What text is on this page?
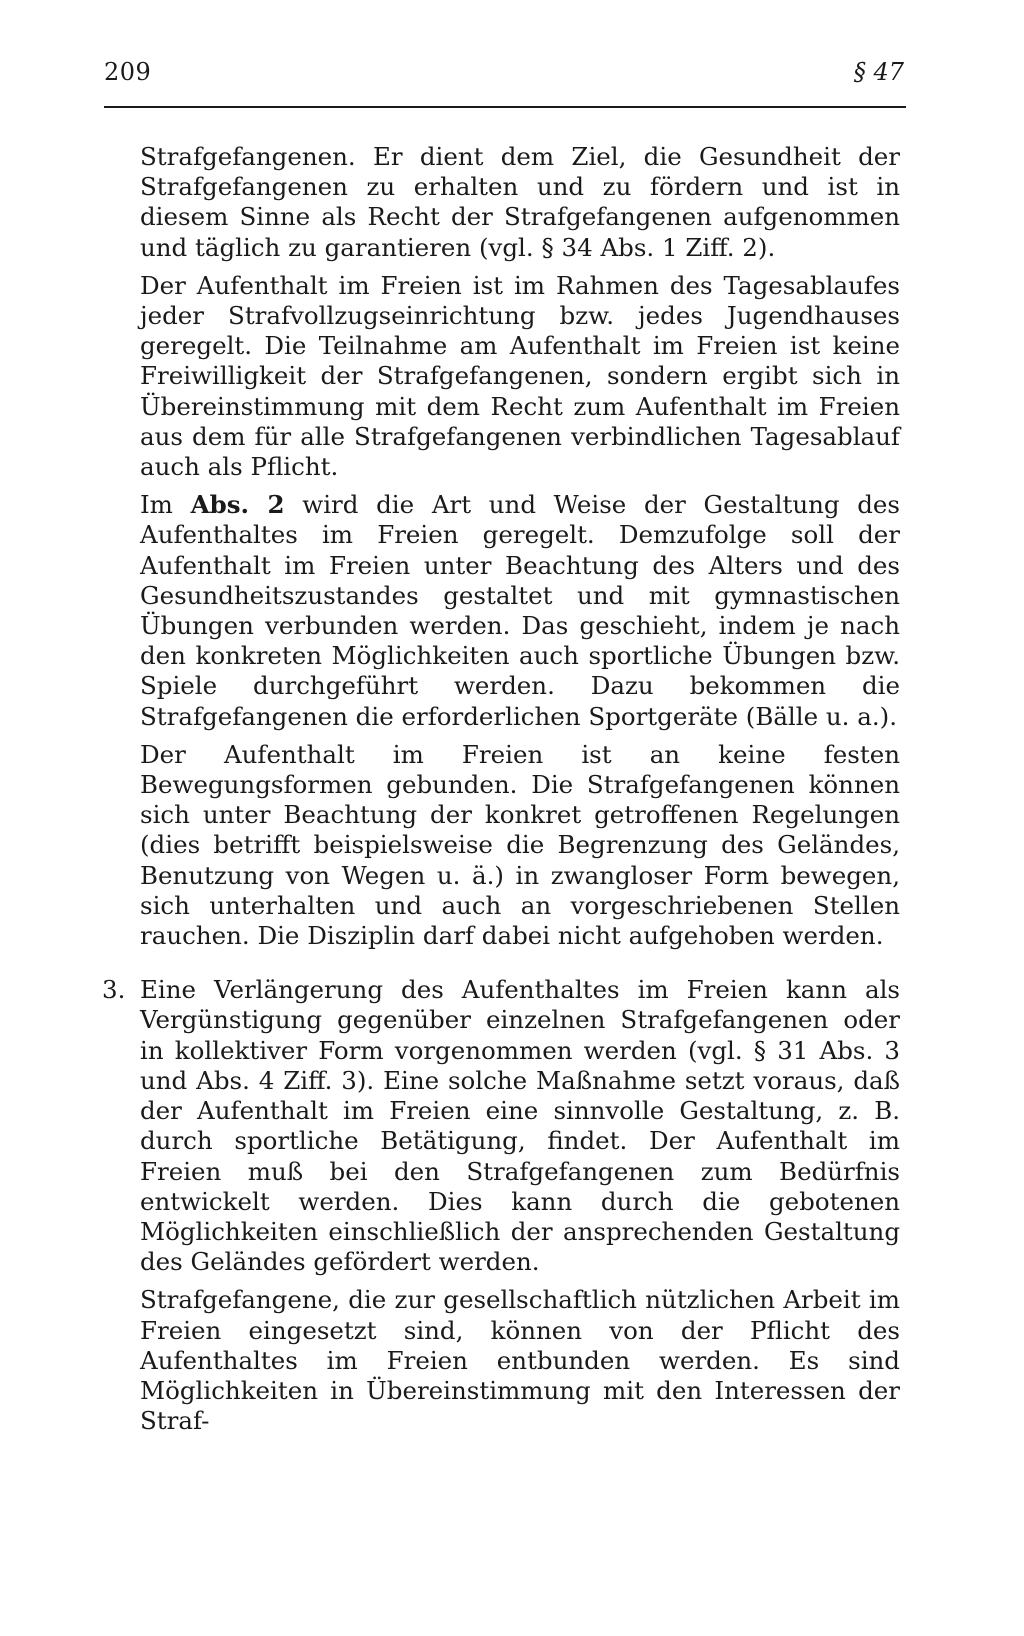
209	§ 47

Strafgefangenen. Er dient dem Ziel, die Gesundheit der Strafgefangenen zu erhalten und zu fördern und ist in diesem Sinne als Recht der Strafgefangenen aufgenommen und täglich zu garantieren (vgl. § 34 Abs. 1 Ziff. 2).

Der Aufenthalt im Freien ist im Rahmen des Tagesablaufes jeder Strafvollzugseinrichtung bzw. jedes Jugendhauses geregelt. Die Teilnahme am Aufenthalt im Freien ist keine Freiwilligkeit der Strafgefangenen, sondern ergibt sich in Übereinstimmung mit dem Recht zum Aufenthalt im Freien aus dem für alle Strafgefangenen verbindlichen Tagesablauf auch als Pflicht.

Im Abs. 2 wird die Art und Weise der Gestaltung des Aufenthaltes im Freien geregelt. Demzufolge soll der Aufenthalt im Freien unter Beachtung des Alters und des Gesundheitszustandes gestaltet und mit gymnastischen Übungen verbunden werden. Das geschieht, indem je nach den konkreten Möglichkeiten auch sportliche Übungen bzw. Spiele durchgeführt werden. Dazu bekommen die Strafgefangenen die erforderlichen Sportgeräte (Bälle u. a.).

Der Aufenthalt im Freien ist an keine festen Bewegungsformen gebunden. Die Strafgefangenen können sich unter Beachtung der konkret getroffenen Regelungen (dies betrifft beispielsweise die Begrenzung des Geländes, Benutzung von Wegen u. ä.) in zwangloser Form bewegen, sich unterhalten und auch an vorgeschriebenen Stellen rauchen. Die Disziplin darf dabei nicht aufgehoben werden.

3. Eine Verlängerung des Aufenthaltes im Freien kann als Vergünstigung gegenüber einzelnen Strafgefangenen oder in kollektiver Form vorgenommen werden (vgl. § 31 Abs. 3 und Abs. 4 Ziff. 3). Eine solche Maßnahme setzt voraus, daß der Aufenthalt im Freien eine sinnvolle Gestaltung, z. B. durch sportliche Betätigung, findet. Der Aufenthalt im Freien muß bei den Strafgefangenen zum Bedürfnis entwickelt werden. Dies kann durch die gebotenen Möglichkeiten einschließlich der ansprechenden Gestaltung des Geländes gefördert werden.

Strafgefangene, die zur gesellschaftlich nützlichen Arbeit im Freien eingesetzt sind, können von der Pflicht des Aufenthaltes im Freien entbunden werden. Es sind Möglichkeiten in Übereinstimmung mit den Interessen der Straf-
